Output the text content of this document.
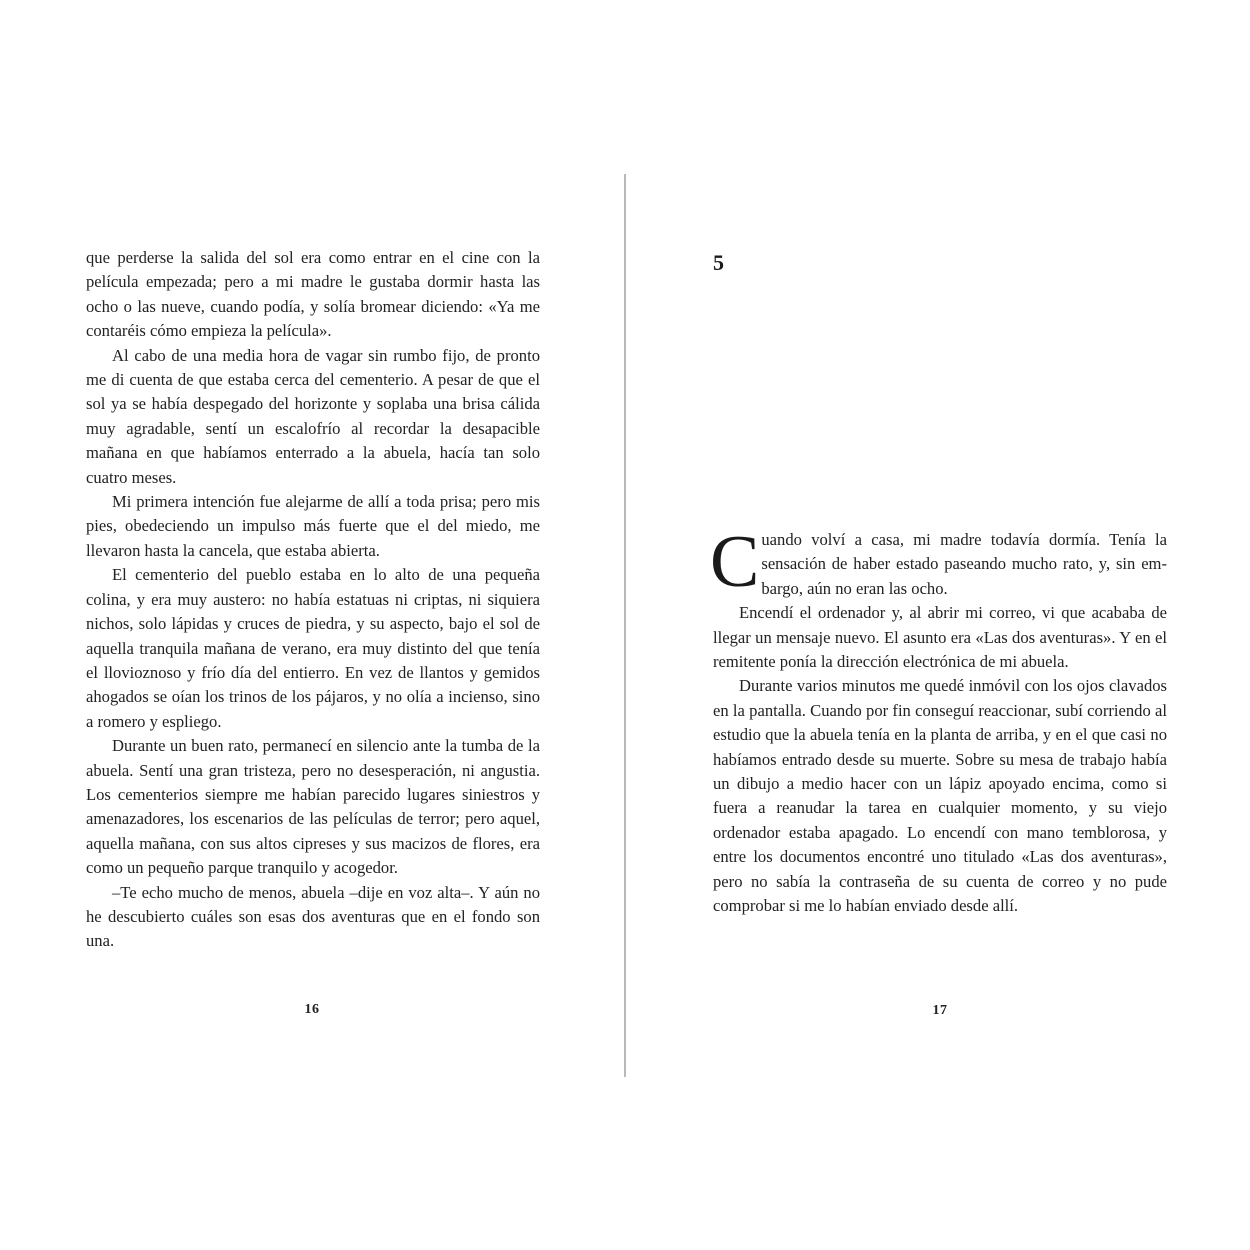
que perderse la salida del sol era como entrar en el cine con la película empezada; pero a mi madre le gustaba dormir hasta las ocho o las nueve, cuando podía, y solía bromear diciendo: «Ya me contaréis cómo empieza la película».

Al cabo de una media hora de vagar sin rumbo fijo, de pronto me di cuenta de que estaba cerca del cementerio. A pesar de que el sol ya se había despegado del horizonte y soplaba una brisa cálida muy agradable, sentí un escalofrío al recordar la desapacible mañana en que habíamos enterrado a la abuela, hacía tan solo cuatro meses.

Mi primera intención fue alejarme de allí a toda prisa; pero mis pies, obedeciendo un impulso más fuerte que el del miedo, me llevaron hasta la cancela, que estaba abierta.

El cementerio del pueblo estaba en lo alto de una pequeña colina, y era muy austero: no había estatuas ni criptas, ni siquiera nichos, solo lápidas y cruces de piedra, y su aspecto, bajo el sol de aquella tranquila mañana de verano, era muy distinto del que tenía el llovioznoso y frío día del entierro. En vez de llantos y gemidos ahogados se oían los trinos de los pájaros, y no olía a incienso, sino a romero y espliego.

Durante un buen rato, permanecí en silencio ante la tumba de la abuela. Sentí una gran tristeza, pero no desesperación, ni angustia. Los cementerios siempre me habían parecido lugares siniestros y amenazadores, los escenarios de las películas de terror; pero aquel, aquella mañana, con sus altos cipreses y sus macizos de flores, era como un pequeño parque tranquilo y acogedor.

–Te echo mucho de menos, abuela –dije en voz alta–. Y aún no he descubierto cuáles son esas dos aventuras que en el fondo son una.

16
5

Cuando volví a casa, mi madre todavía dormía. Tenía la sensación de haber estado paseando mucho rato, y, sin embargo, aún no eran las ocho.

Encendí el ordenador y, al abrir mi correo, vi que acababa de llegar un mensaje nuevo. El asunto era «Las dos aventuras». Y en el remitente ponía la dirección electrónica de mi abuela.

Durante varios minutos me quedé inmóvil con los ojos clavados en la pantalla. Cuando por fin conseguí reaccionar, subí corriendo al estudio que la abuela tenía en la planta de arriba, y en el que casi no habíamos entrado desde su muerte. Sobre su mesa de trabajo había un dibujo a medio hacer con un lápiz apoyado encima, como si fuera a reanudar la tarea en cualquier momento, y su viejo ordenador estaba apagado. Lo encendí con mano temblorosa, y entre los documentos encontré uno titulado «Las dos aventuras», pero no sabía la contraseña de su cuenta de correo y no pude comprobar si me lo habían enviado desde allí.

17
